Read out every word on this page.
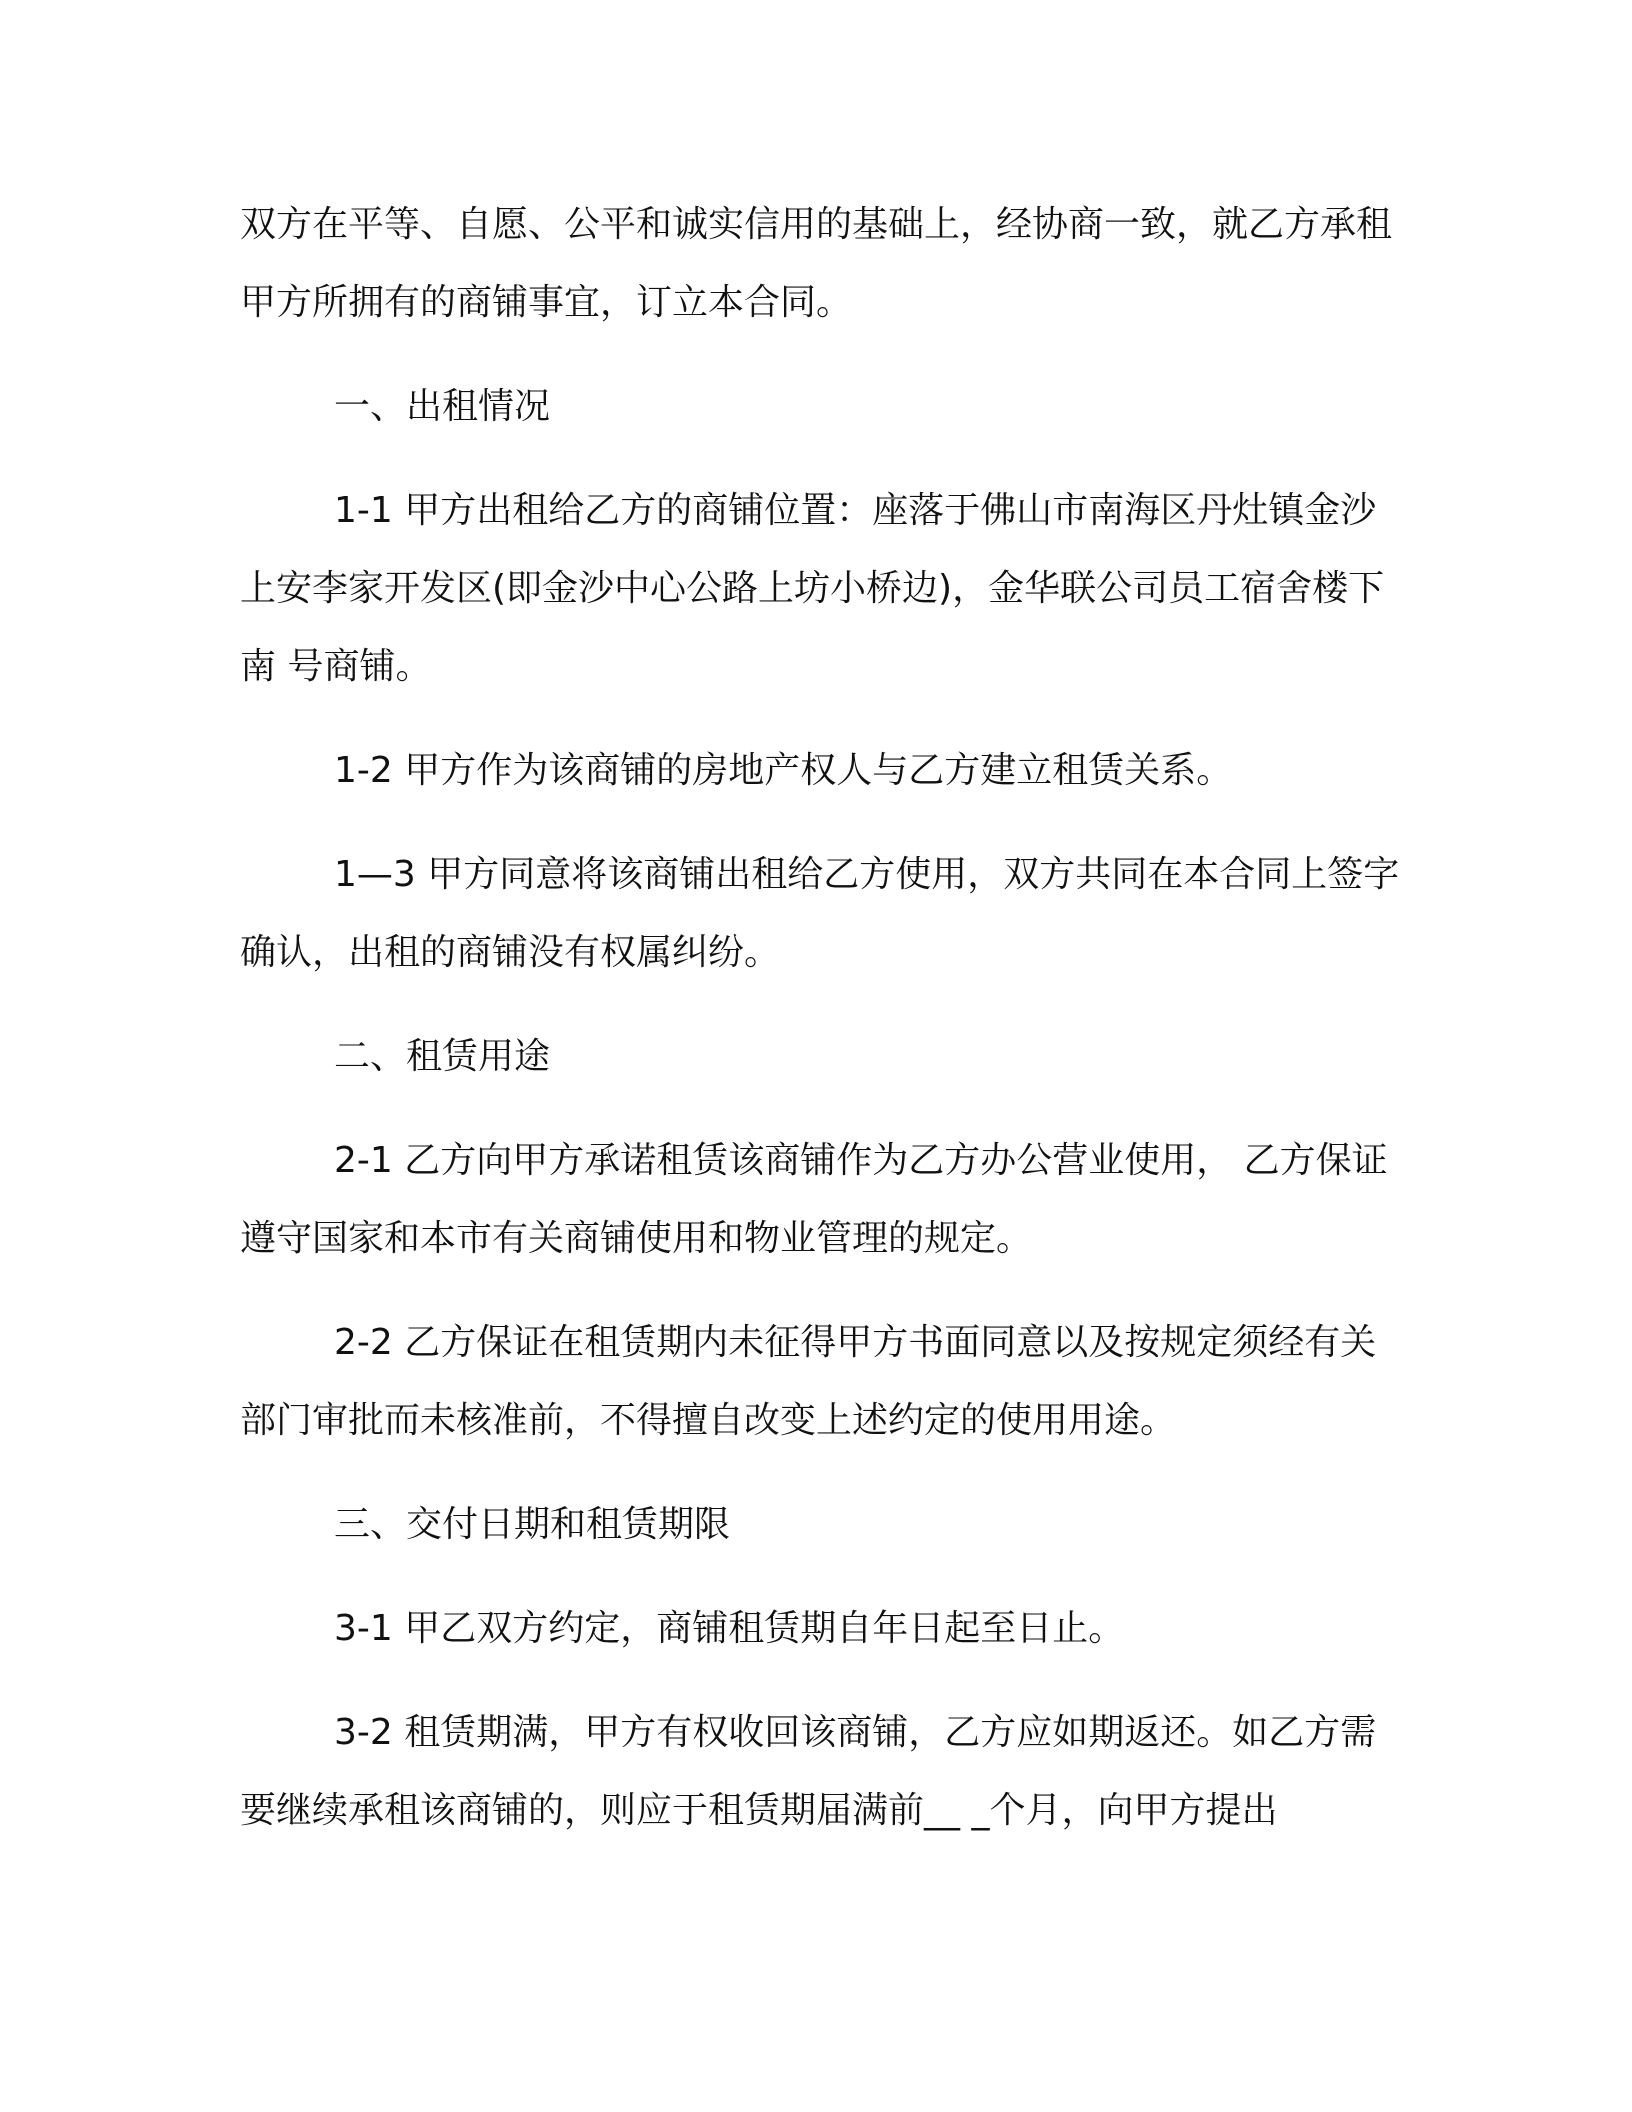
双方在平等、自愿、公平和诚实信用的基础上，经协商一致，就乙方承租甲方所拥有的商铺事宜，订立本合同。

一、出租情况

1-1 甲方出租给乙方的商铺位置：座落于佛山市南海区丹灶镇金沙上安李家开发区(即金沙中心公路上坊小桥边)，金华联公司员工宿舍楼下南 号商铺。

1-2 甲方作为该商铺的房地产权人与乙方建立租赁关系。

1—3 甲方同意将该商铺出租给乙方使用，双方共同在本合同上签字确认，出租的商铺没有权属纠纷。

二、租赁用途

2-1 乙方向甲方承诺租赁该商铺作为乙方办公营业使用， 乙方保证遵守国家和本市有关商铺使用和物业管理的规定。

2-2 乙方保证在租赁期内未征得甲方书面同意以及按规定须经有关部门审批而未核准前，不得擅自改变上述约定的使用用途。

三、交付日期和租赁期限

3-1 甲乙双方约定，商铺租赁期自年日起至日止。

3-2 租赁期满，甲方有权收回该商铺，乙方应如期返还。如乙方需要继续承租该商铺的，则应于租赁期届满前__ _个月，向甲方提出
